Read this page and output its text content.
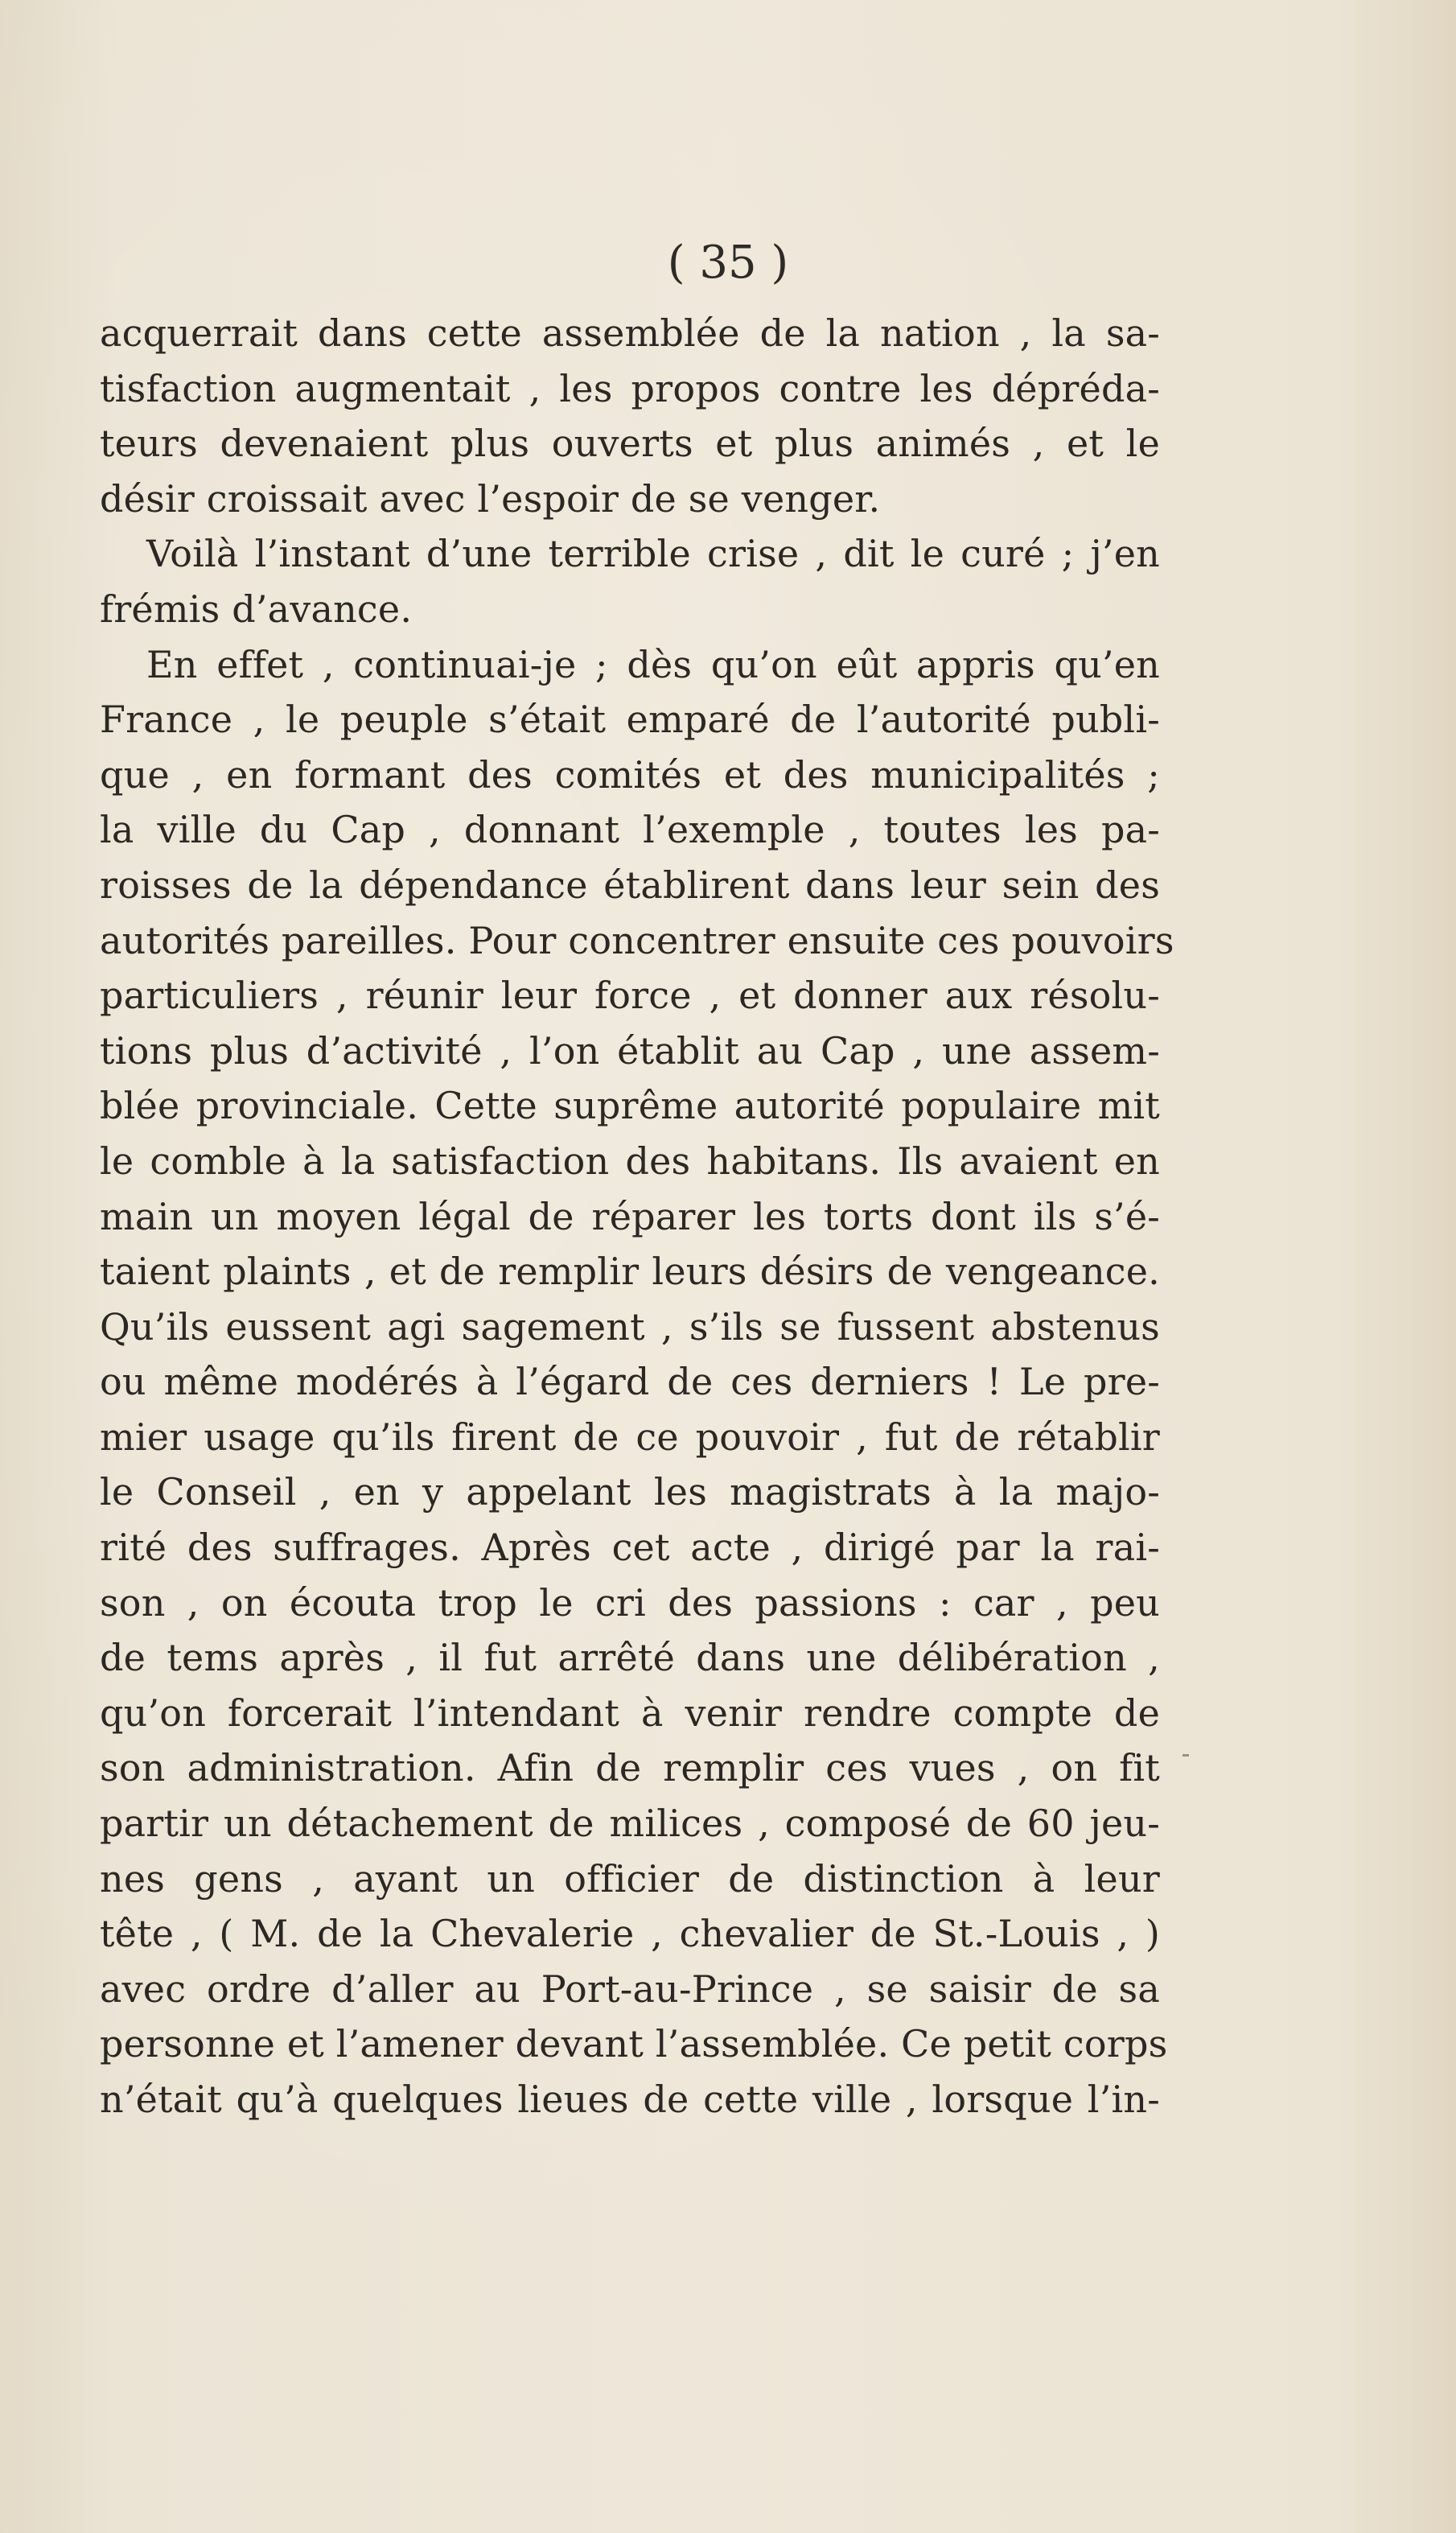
( 35 )
acquerrait dans cette assemblée de la nation , la sa-
tisfaction augmentait , les propos contre les dépréda-
teurs devenaient plus ouverts et plus animés , et le
désir croissait avec l’espoir de se venger.
Voilà l’instant d’une terrible crise , dit le curé ; j’en
frémis d’avance.
En effet , continuai-je ; dès qu’on eût appris qu’en
France , le peuple s’était emparé de l’autorité publi-
que , en formant des comités et des municipalités ;
la ville du Cap , donnant l’exemple , toutes les pa-
roisses de la dépendance établirent dans leur sein des
autorités pareilles. Pour concentrer ensuite ces pouvoirs
particuliers , réunir leur force , et donner aux résolu-
tions plus d’activité , l’on établit au Cap , une assem-
blée provinciale. Cette suprême autorité populaire mit
le comble à la satisfaction des habitans. Ils avaient en
main un moyen légal de réparer les torts dont ils s’é-
taient plaints , et de remplir leurs désirs de vengeance.
Qu’ils eussent agi sagement , s’ils se fussent abstenus
ou même modérés à l’égard de ces derniers ! Le pre-
mier usage qu’ils firent de ce pouvoir , fut de rétablir
le Conseil , en y appelant les magistrats à la majo-
rité des suffrages. Après cet acte , dirigé par la rai-
son , on écouta trop le cri des passions : car , peu
de tems après , il fut arrêté dans une délibération ,
qu’on forcerait l’intendant à venir rendre compte de
son administration. Afin de remplir ces vues , on fit
partir un détachement de milices , composé de 60 jeu-
nes gens , ayant un officier de distinction à leur
tête , ( M. de la Chevalerie , chevalier de St.-Louis , )
avec ordre d’aller au Port-au-Prince , se saisir de sa
personne et l’amener devant l’assemblée. Ce petit corps
n’était qu’à quelques lieues de cette ville , lorsque l’in-
